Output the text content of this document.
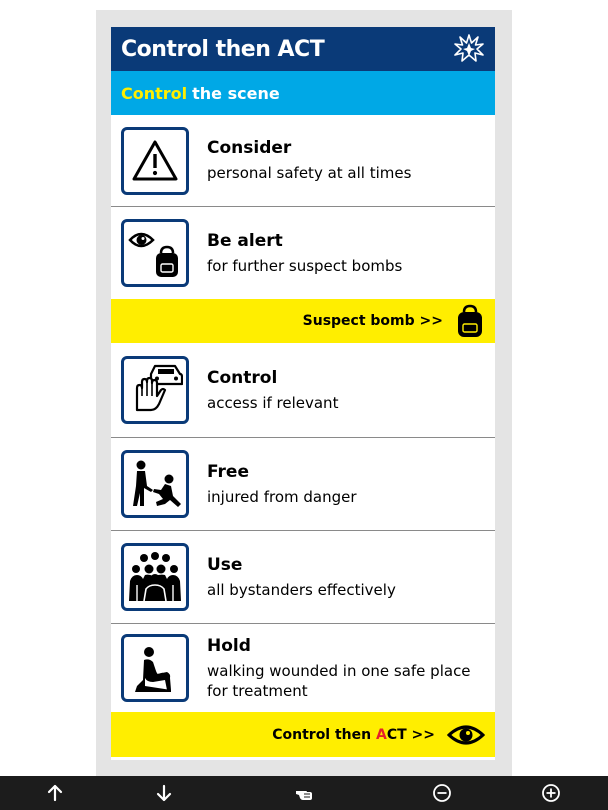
Control then ACT
Control the scene
Consider
personal safety at all times
Be alert
for further suspect bombs
Suspect bomb >>
Control
access if relevant
Free
injured from danger
Use
all bystanders effectively
Hold
walking wounded in one safe place
for treatment
Control then ACT >>
